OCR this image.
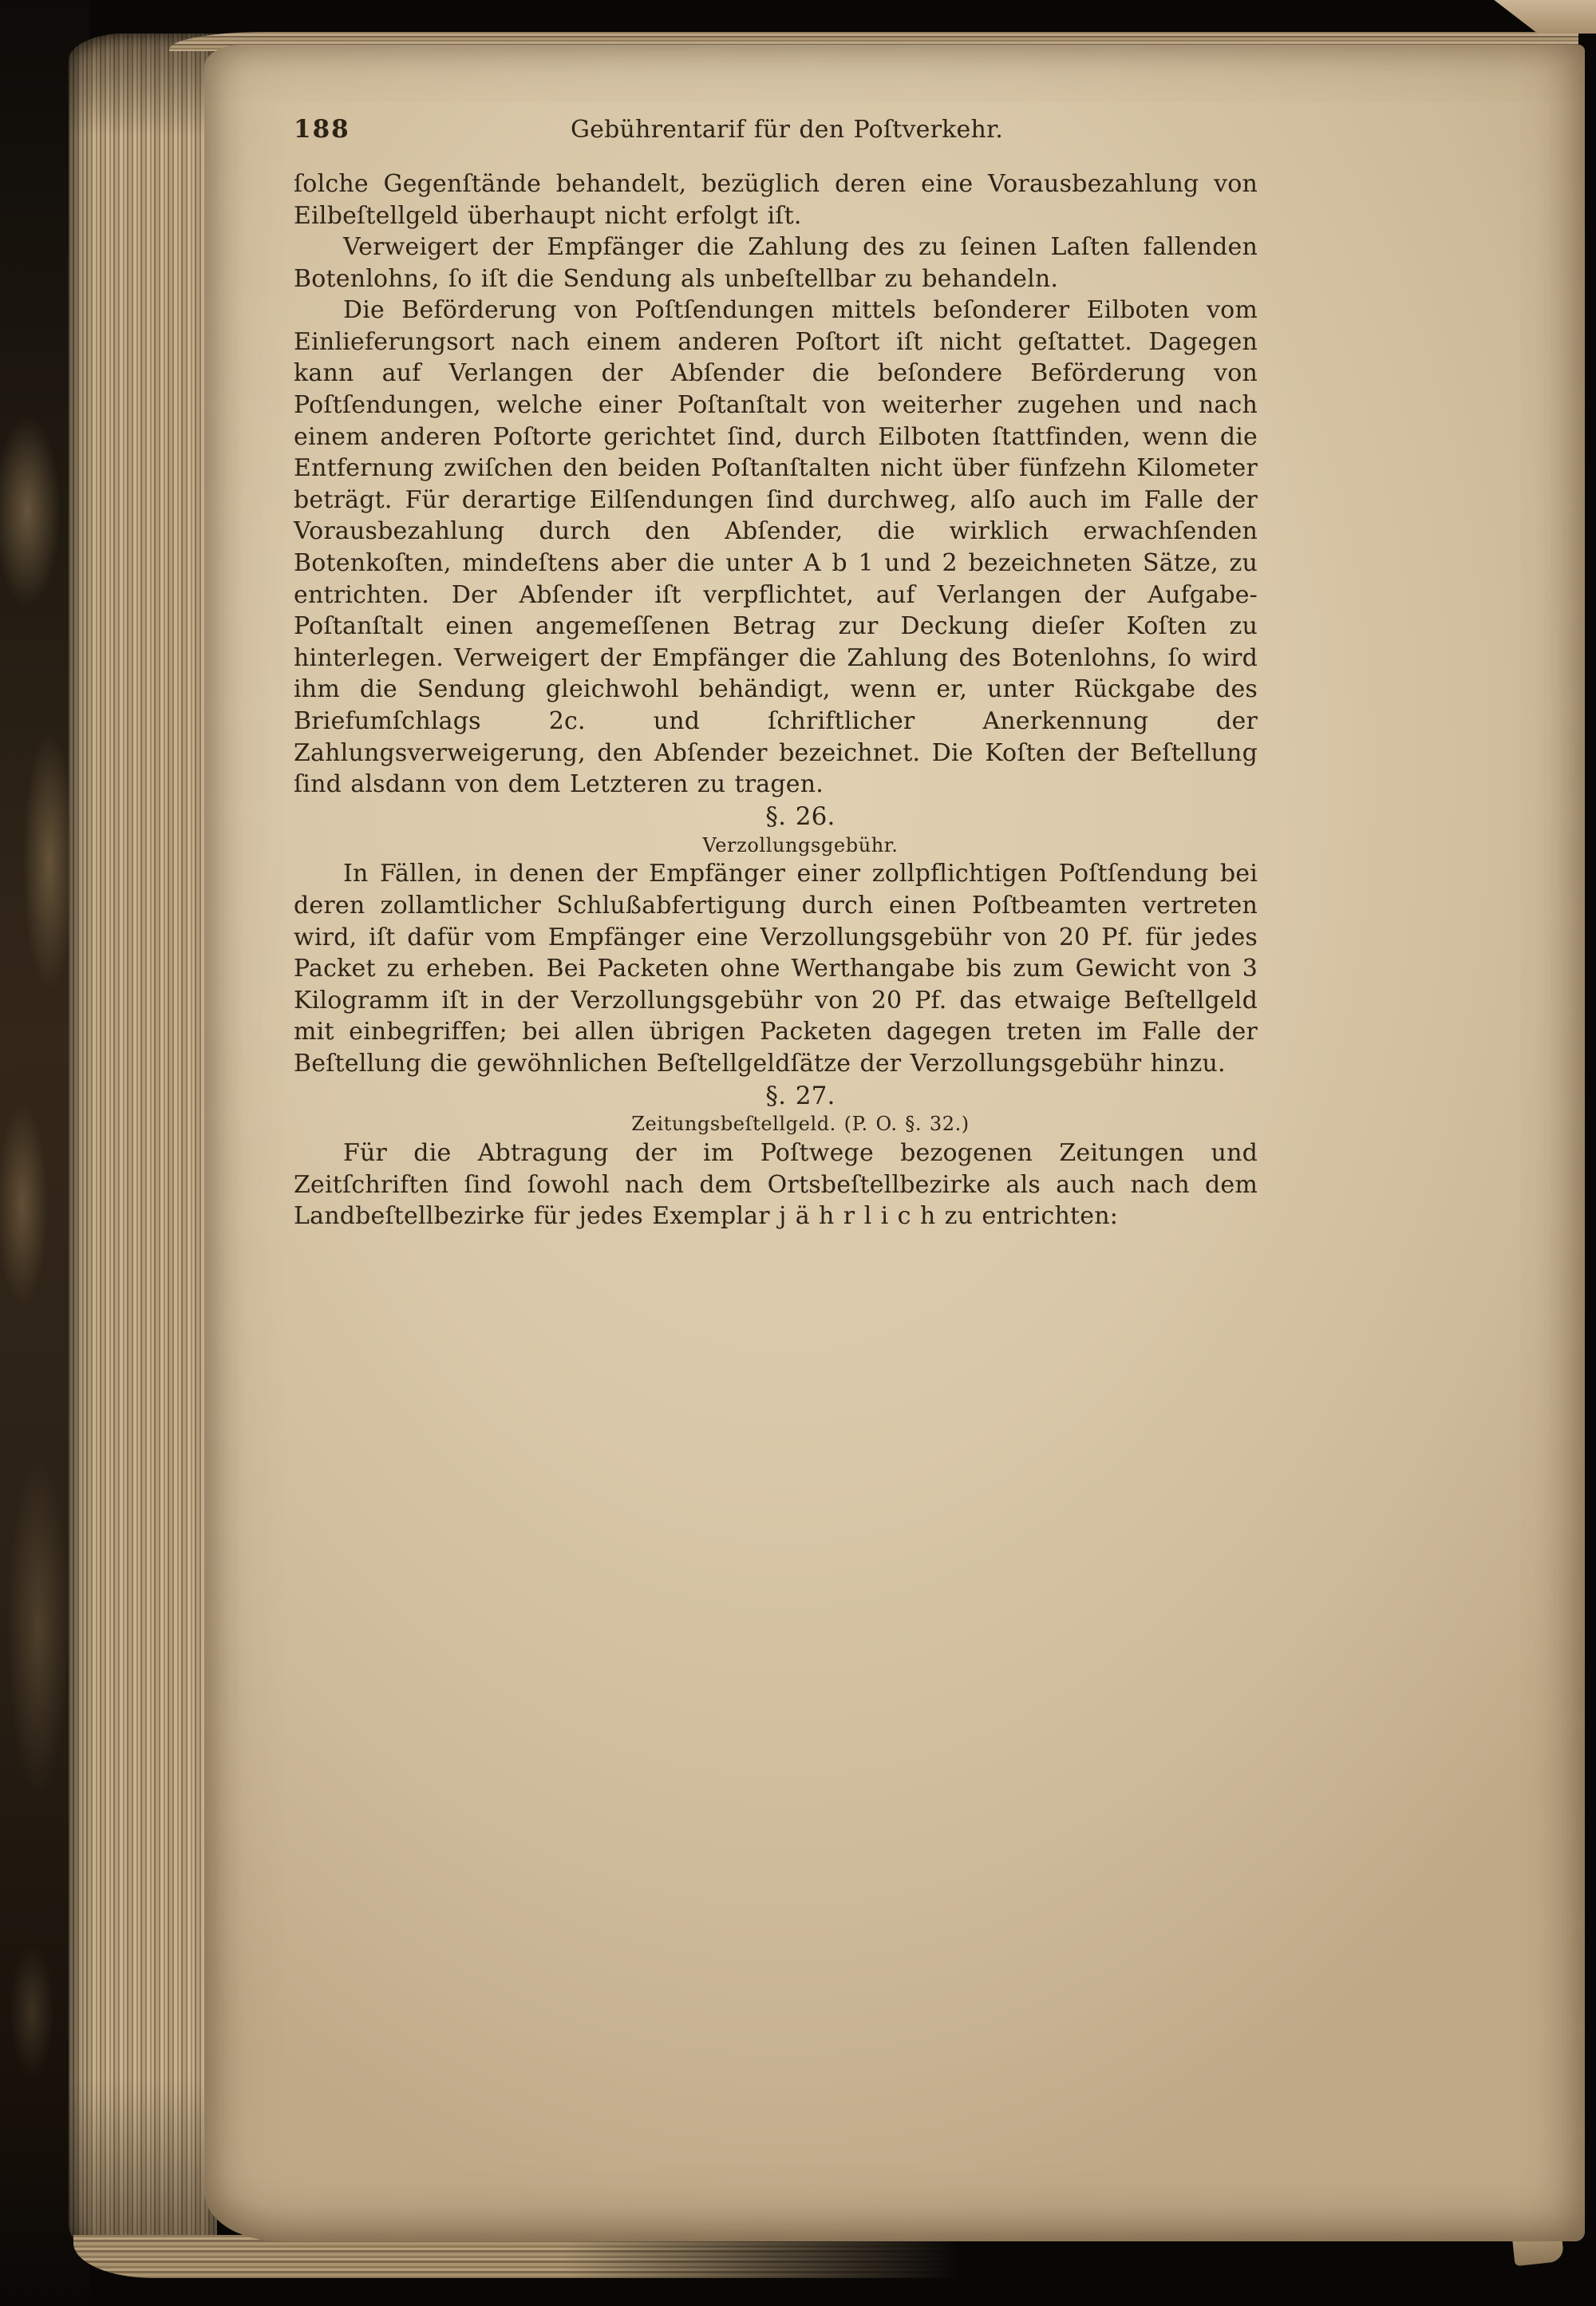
188	Gebührentarif für den Poſtverkehr.

ſolche Gegenſtände behandelt, bezüglich deren eine Vorausbezahlung von Eilbeſtellgeld überhaupt nicht erfolgt iſt.

Verweigert der Empfänger die Zahlung des zu ſeinen Laſten fallenden Botenlohns, ſo iſt die Sendung als unbeſtellbar zu behandeln.

Die Beförderung von Poſtſendungen mittels beſonderer Eilboten vom Einlieferungsort nach einem anderen Poſtort iſt nicht geſtattet. Dagegen kann auf Verlangen der Abſender die beſondere Beförderung von Poſtſendungen, welche einer Poſtanſtalt von weiterher zugehen und nach einem anderen Poſtorte gerichtet ſind, durch Eilboten ſtattfinden, wenn die Entfernung zwiſchen den beiden Poſtanſtalten nicht über fünfzehn Kilometer beträgt. Für derartige Eilſendungen ſind durchweg, alſo auch im Falle der Vorausbezahlung durch den Abſender, die wirklich erwachſenden Botenkoſten, mindeſtens aber die unter A b 1 und 2 bezeichneten Sätze, zu entrichten. Der Abſender iſt verpflichtet, auf Verlangen der Aufgabe-Poſtanſtalt einen angemeſſenen Betrag zur Deckung dieſer Koſten zu hinterlegen. Verweigert der Empfänger die Zahlung des Botenlohns, ſo wird ihm die Sendung gleichwohl behändigt, wenn er, unter Rückgabe des Briefumſchlags 2c. und ſchriftlicher Anerkennung der Zahlungsverweigerung, den Abſender bezeichnet. Die Koſten der Beſtellung ſind alsdann von dem Letzteren zu tragen.

§. 26.

Verzollungsgebühr.

In Fällen, in denen der Empfänger einer zollpflichtigen Poſtſendung bei deren zollamtlicher Schlußabfertigung durch einen Poſtbeamten vertreten wird, iſt dafür vom Empfänger eine Verzollungsgebühr von 20 Pf. für jedes Packet zu erheben. Bei Packeten ohne Werthangabe bis zum Gewicht von 3 Kilogramm iſt in der Verzollungsgebühr von 20 Pf. das etwaige Beſtellgeld mit einbegriffen; bei allen übrigen Packeten dagegen treten im Falle der Beſtellung die gewöhnlichen Beſtellgeldſätze der Verzollungsgebühr hinzu.

§. 27.

Zeitungsbeſtellgeld. (P. O. §. 32.)

Für die Abtragung der im Poſtwege bezogenen Zeitungen und Zeitſchriften ſind ſowohl nach dem Ortsbeſtellbezirke als auch nach dem Landbeſtellbezirke für jedes Exemplar j ä h r l i c h zu entrichten:
